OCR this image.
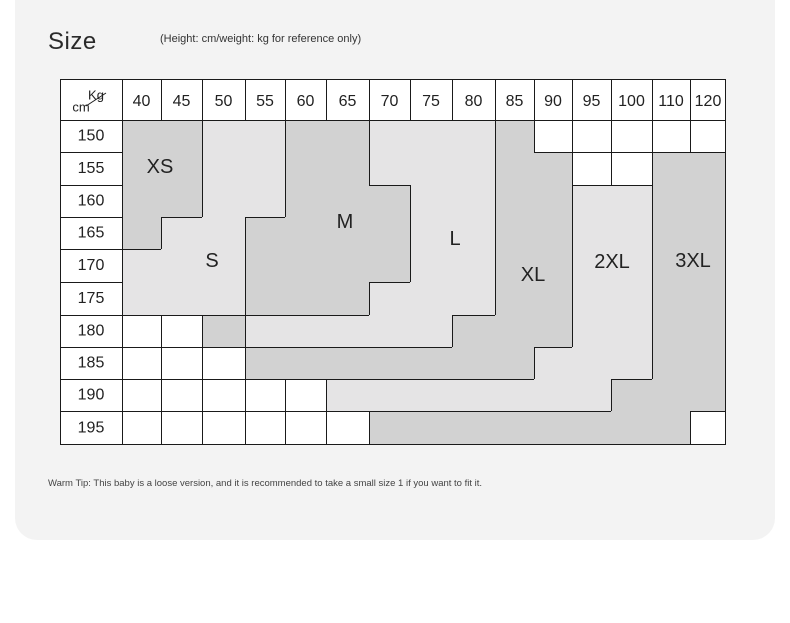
Size	(Height: cm/weight: kg for reference only)
40 45 50 55 60 65 70 75 80 85 90 95 100 110 120
150
155
160
165
170
175
180
185
190
195
Kg
cm
XS
S
M
L
XL
2XL 3XL
Warm Tip: This baby is a loose version, and it is recommended to take a small size 1 if you want to fit it.
